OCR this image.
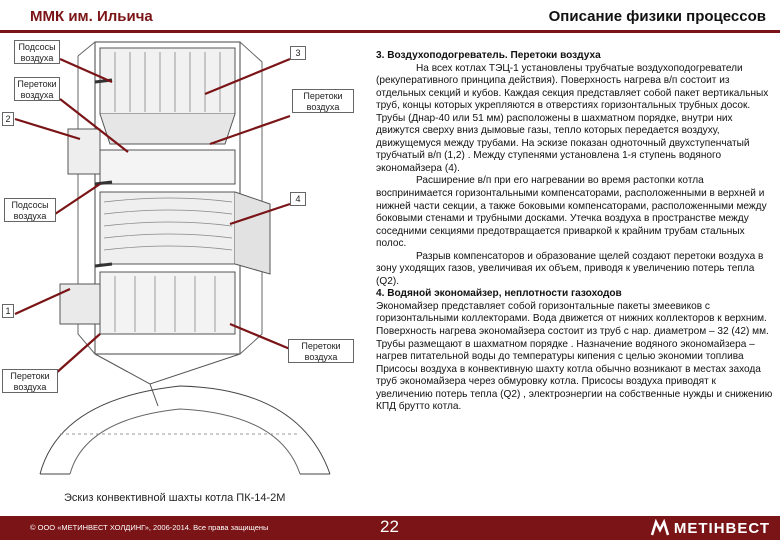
ММК им. Ильича	Описание физики процессов
Подсосы воздуха	3
Перетоки воздуха	Перетоки воздуха
2
4
Подсосы воздуха
1
Перетоки воздуха
Перетоки воздуха
Эскиз конвективной шахты котла ПК-14-2М

3. Воздухоподогреватель. Перетоки воздуха

На всех котлах ТЭЦ-1 установлены трубчатые воздухоподогреватели (рекуперативного принципа действия). Поверхность нагрева в/п состоит из отдельных секций и кубов. Каждая секция представляет собой пакет вертикальных труб, концы которых укрепляются в отверстиях горизонтальных трубных досок. Трубы (Днар-40 или 51 мм) расположены в шахматном порядке, внутри них движутся сверху вниз дымовые газы, тепло которых передается воздуху, движущемуся между трубами. На эскизе показан одноточный двухступенчатый трубчатый в/п (1,2) . Между ступенями установлена 1-я ступень водяного экономайзера (4).

Расширение в/п при его нагревании во время растопки котла воспринимается горизонтальными компенсаторами, расположенными в верхней и нижней части секции, а также боковыми компенсаторами, расположенными между боковыми стенами и трубными досками. Утечка воздуха в пространстве между соседними секциями предотвращается приваркой к крайним трубам стальных полос.

Разрыв компенсаторов и образование щелей создают перетоки воздуха в зону уходящих газов, увеличивая их объем, приводя к увеличению потерь тепла (Q2).

4. Водяной экономайзер, неплотности газоходов

Экономайзер представляет собой горизонтальные пакеты змеевиков с горизонтальными коллекторами. Вода движется от нижних коллекторов к верхним. Поверхность нагрева экономайзера состоит из труб с нар. диаметром – 32 (42) мм. Трубы размещают в шахматном порядке . Назначение водяного экономайзера –нагрев питательной воды до температуры кипения с целью экономии топлива

Присосы воздуха в конвективную шахту котла обычно возникают в местах захода труб экономайзера через обмуровку котла. Присосы воздуха приводят к увеличению потерь тепла (Q2) , электроэнергии на собственные нужды и снижению КПД брутто котла.

© ООО «МЕТИНВЕСТ ХОЛДИНГ», 2006-2014. Все права защищены	22	МЕТІНВЕСТ
